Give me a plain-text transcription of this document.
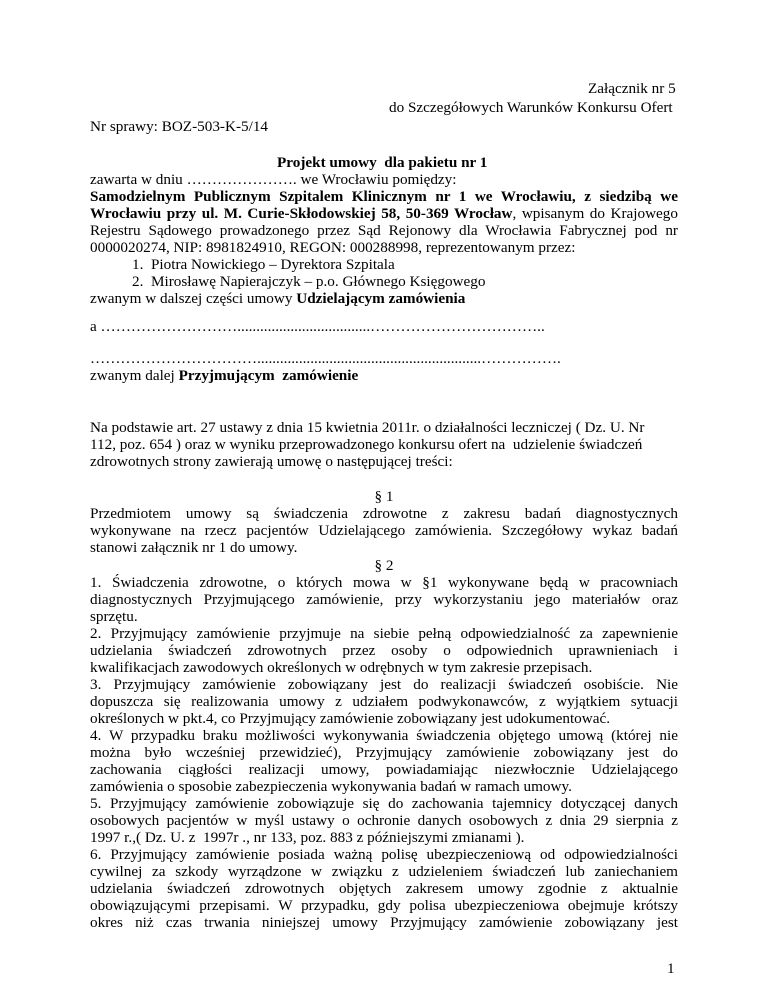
Załącznik nr 5
do Szczegółowych Warunków Konkursu Ofert
Nr sprawy: BOZ-503-K-5/14
Projekt umowy  dla pakietu nr 1
zawarta w dniu …………………. we Wrocławiu pomiędzy:
Samodzielnym Publicznym Szpitalem Klinicznym nr 1 we Wrocławiu, z siedzibą we
Wrocławiu przy ul. M. Curie-Skłodowskiej 58, 50-369 Wrocław, wpisanym do Krajowego
Rejestru Sądowego prowadzonego przez Sąd Rejonowy dla Wrocławia Fabrycznej pod nr
0000020274, NIP: 8981824910, REGON: 000288998, reprezentowanym przez:
1.  Piotra Nowickiego – Dyrektora Szpitala
2.  Mirosławę Napierajczyk – p.o. Głównego Księgowego
zwanym w dalszej części umowy Udzielającym zamówienia
a ………………………...................................……………………………..
……………………………...........................................................…………….
zwanym dalej Przyjmującym  zamówienie
Na podstawie art. 27 ustawy z dnia 15 kwietnia 2011r. o działalności leczniczej ( Dz. U. Nr
112, poz. 654 ) oraz w wyniku przeprowadzonego konkursu ofert na  udzielenie świadczeń
zdrowotnych strony zawierają umowę o następującej treści:
§ 1
Przedmiotem umowy są świadczenia zdrowotne z zakresu badań diagnostycznych
wykonywane na rzecz pacjentów Udzielającego zamówienia. Szczegółowy wykaz badań
stanowi załącznik nr 1 do umowy.
§ 2
1. Świadczenia zdrowotne, o których mowa w §1 wykonywane będą w pracowniach
diagnostycznych Przyjmującego zamówienie, przy wykorzystaniu jego materiałów oraz
sprzętu.
2. Przyjmujący zamówienie przyjmuje na siebie pełną odpowiedzialność za zapewnienie
udzielania świadczeń zdrowotnych przez osoby o odpowiednich uprawnieniach i
kwalifikacjach zawodowych określonych w odrębnych w tym zakresie przepisach.
3. Przyjmujący zamówienie zobowiązany jest do realizacji świadczeń osobiście. Nie
dopuszcza się realizowania umowy z udziałem podwykonawców, z wyjątkiem sytuacji
określonych w pkt.4, co Przyjmujący zamówienie zobowiązany jest udokumentować.
4. W przypadku braku możliwości wykonywania świadczenia objętego umową (której nie
można było wcześniej przewidzieć), Przyjmujący zamówienie zobowiązany jest do
zachowania ciągłości realizacji umowy, powiadamiając niezwłocznie Udzielającego
zamówienia o sposobie zabezpieczenia wykonywania badań w ramach umowy.
5. Przyjmujący zamówienie zobowiązuje się do zachowania tajemnicy dotyczącej danych
osobowych pacjentów w myśl ustawy o ochronie danych osobowych z dnia 29 sierpnia z
1997 r.,( Dz. U. z  1997r ., nr 133, poz. 883 z późniejszymi zmianami ).
6. Przyjmujący zamówienie posiada ważną polisę ubezpieczeniową od odpowiedzialności
cywilnej za szkody wyrządzone w związku z udzieleniem świadczeń lub zaniechaniem
udzielania świadczeń zdrowotnych objętych zakresem umowy zgodnie z aktualnie
obowiązującymi przepisami. W przypadku, gdy polisa ubezpieczeniowa obejmuje krótszy
okres niż czas trwania niniejszej umowy Przyjmujący zamówienie zobowiązany jest
1
